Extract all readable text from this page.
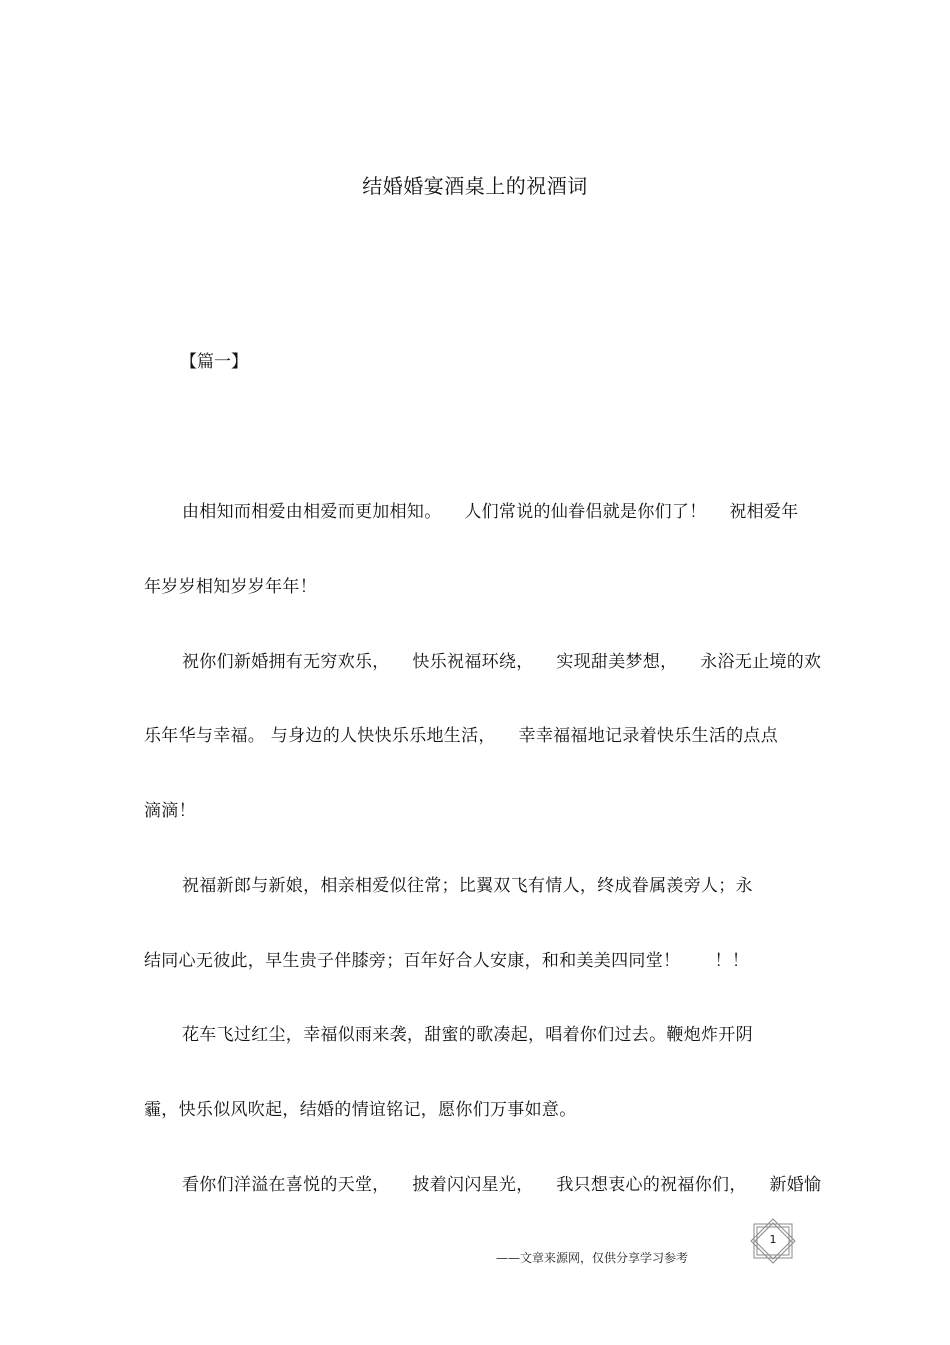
结婚婚宴酒桌上的祝酒词
【篇一】
由相知而相爱由相爱而更加相知。    人们常说的仙眷侣就是你们了！    祝相爱年
年岁岁相知岁岁年年！
祝你们新婚拥有无穷欢乐，    快乐祝福环绕，    实现甜美梦想，    永浴无止境的欢
乐年华与幸福。 与身边的人快快乐乐地生活，    幸幸福福地记录着快乐生活的点点
滴滴！
祝福新郎与新娘，相亲相爱似往常；比翼双飞有情人，终成眷属羡旁人；永
结同心无彼此，早生贵子伴膝旁；百年好合人安康，和和美美四同堂！      ！！
花车飞过红尘，幸福似雨来袭，甜蜜的歌凑起，唱着你们过去。鞭炮炸开阴
霾，快乐似风吹起，结婚的情谊铭记，愿你们万事如意。
看你们洋溢在喜悦的天堂，    披着闪闪星光，    我只想衷心的祝福你们，    新婚愉
——文章来源网，仅供分享学习参考
1
